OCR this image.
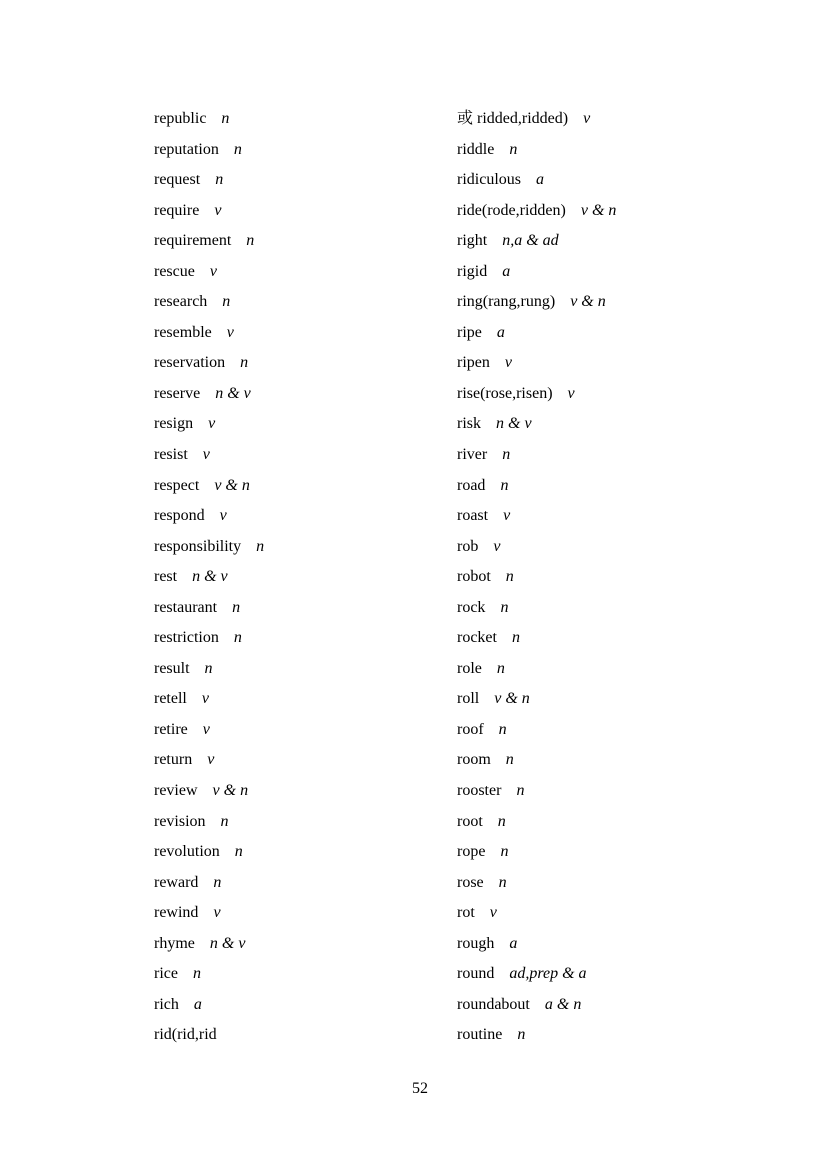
republic n
reputation n
request n
require v
requirement n
rescue v
research n
resemble v
reservation n
reserve n & v
resign v
resist v
respect v & n
respond v
responsibility n
rest n & v
restaurant n
restriction n
result n
retell v
retire v
return v
review v & n
revision n
revolution n
reward n
rewind v
rhyme n & v
rice n
rich a
rid(rid,rid
或 ridded,ridded) v
riddle n
ridiculous a
ride(rode,ridden) v & n
right n,a & ad
rigid a
ring(rang,rung) v & n
ripe a
ripen v
rise(rose,risen) v
risk n & v
river n
road n
roast v
rob v
robot n
rock n
rocket n
role n
roll v & n
roof n
room n
rooster n
root n
rope n
rose n
rot v
rough a
round ad,prep & a
roundabout a & n
routine n
52
